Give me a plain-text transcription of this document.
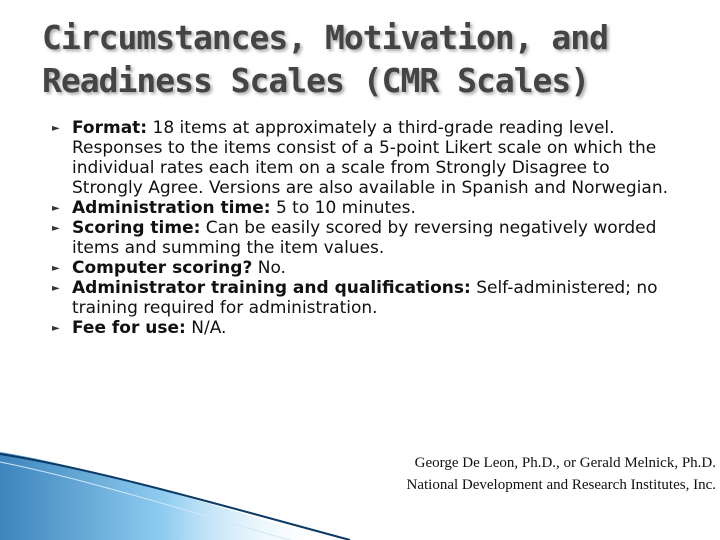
Circumstances, Motivation, and
Readiness Scales (CMR Scales)
► Format: 18 items at approximately a third-grade reading level. Responses to the items consist of a 5-point Likert scale on which the individual rates each item on a scale from Strongly Disagree to Strongly Agree. Versions are also available in Spanish and Norwegian.
► Administration time: 5 to 10 minutes.
► Scoring time: Can be easily scored by reversing negatively worded items and summing the item values.
► Computer scoring? No.
► Administrator training and qualifications: Self-administered; no training required for administration.
► Fee for use: N/A.
George De Leon, Ph.D., or Gerald Melnick, Ph.D.
National Development and Research Institutes, Inc.
